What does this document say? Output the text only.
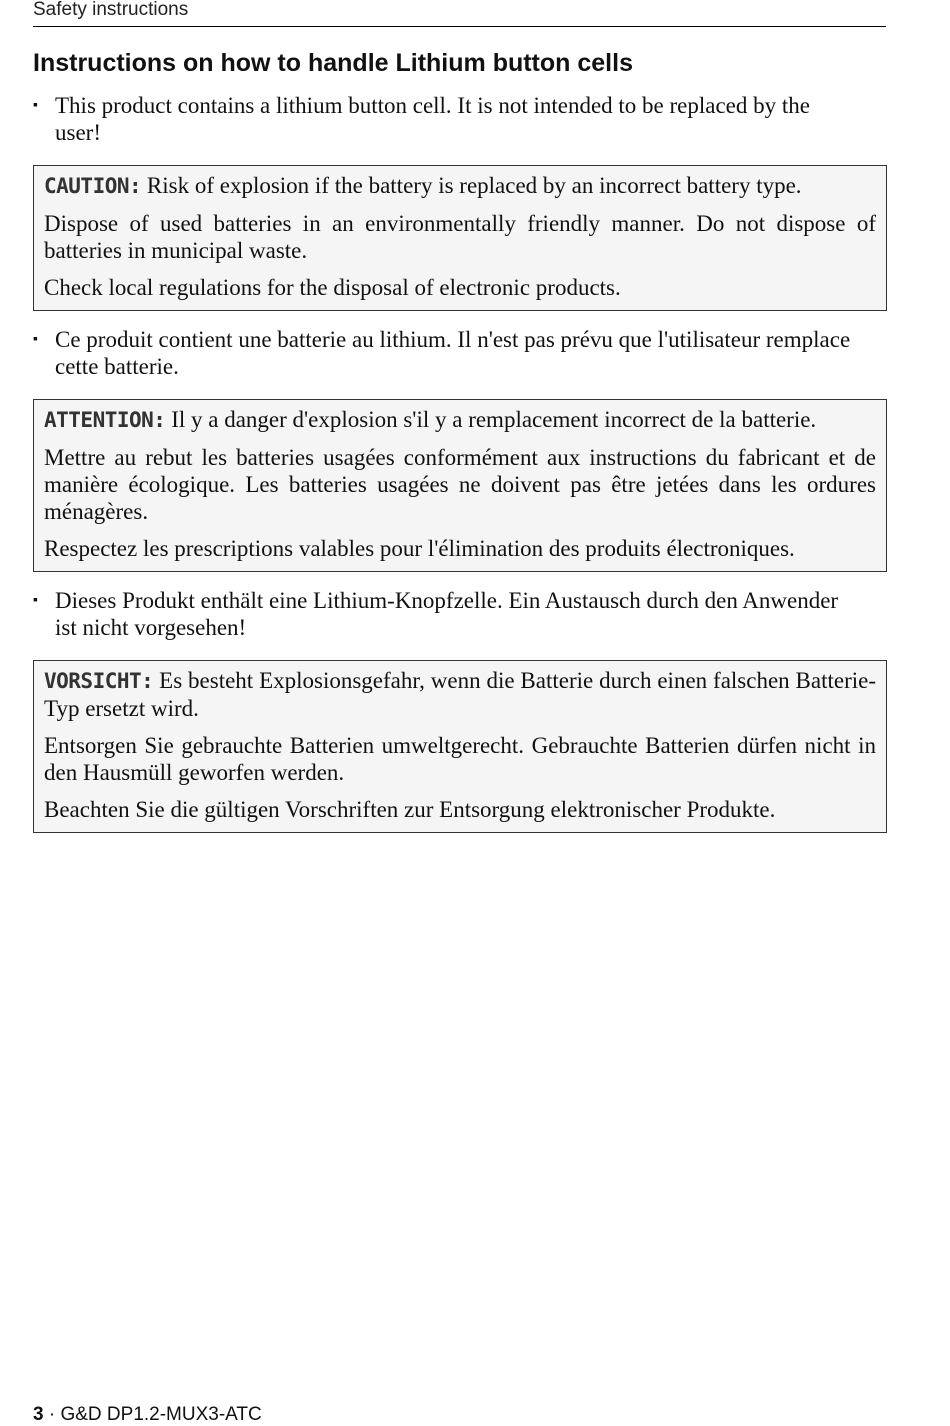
Safety instructions
Instructions on how to handle Lithium button cells
▪ This product contains a lithium button cell. It is not intended to be replaced by the user!

CAUTION: Risk of explosion if the battery is replaced by an incorrect battery type.

Dispose of used batteries in an environmentally friendly manner. Do not dispose of batteries in municipal waste.

Check local regulations for the disposal of electronic products.

▪ Ce produit contient une batterie au lithium. Il n'est pas prévu que l'utilisateur remplace cette batterie.

ATTENTION: Il y a danger d'explosion s'il y a remplacement incorrect de la batterie.

Mettre au rebut les batteries usagées conformément aux instructions du fabricant et de manière écologique. Les batteries usagées ne doivent pas être jetées dans les ordures ménagères.

Respectez les prescriptions valables pour l'élimination des produits électroniques.

▪ Dieses Produkt enthält eine Lithium-Knopfzelle. Ein Austausch durch den Anwender ist nicht vorgesehen!

VORSICHT: Es besteht Explosionsgefahr, wenn die Batterie durch einen falschen Batterie-Typ ersetzt wird.

Entsorgen Sie gebrauchte Batterien umweltgerecht. Gebrauchte Batterien dürfen nicht in den Hausmüll geworfen werden.

Beachten Sie die gültigen Vorschriften zur Entsorgung elektronischer Produkte.

3 · G&D DP1.2-MUX3-ATC
